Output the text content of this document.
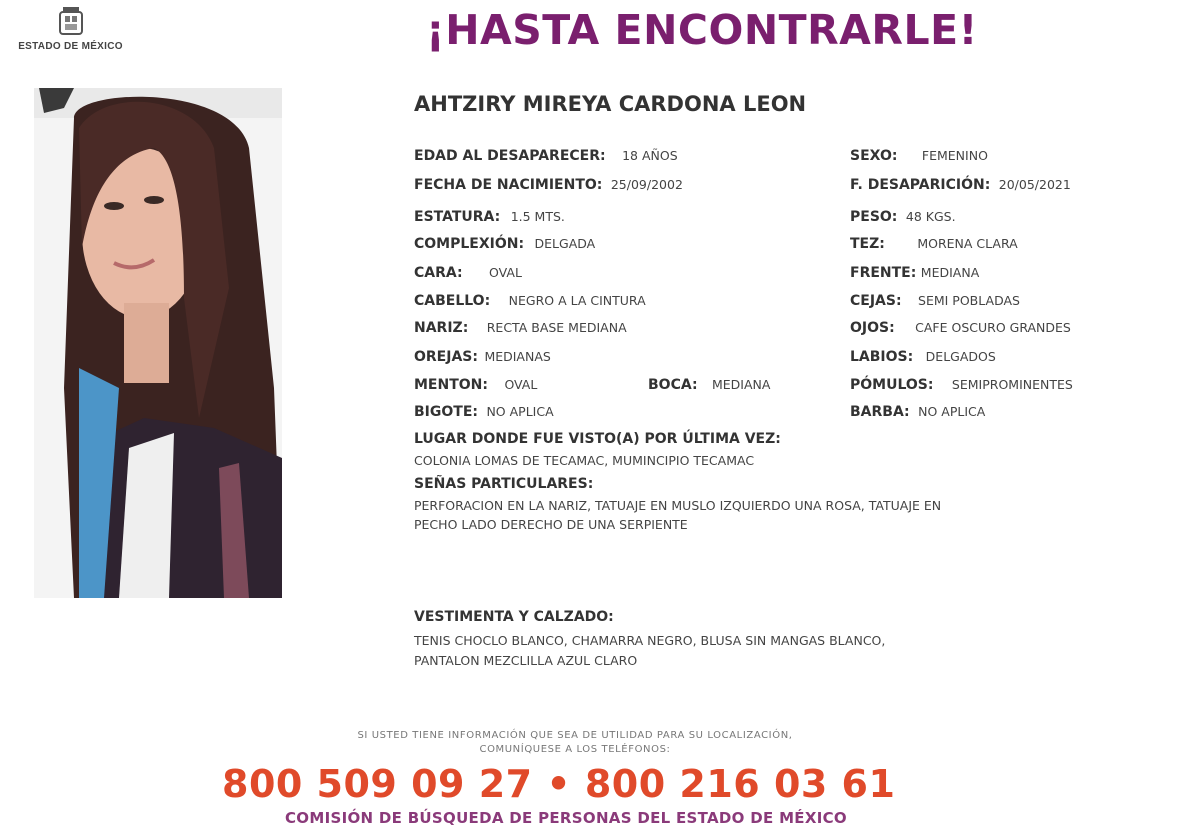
ESTADO DE MÉXICO	¡HASTA ENCONTRARLE!
AHTZIRY MIREYA CARDONA LEON
EDAD AL DESAPARECER: 18 AÑOS
FECHA DE NACIMIENTO: 25/09/2002
ESTATURA: 1.5 MTS.
COMPLEXIÓN: DELGADA
CARA: OVAL
CABELLO: NEGRO A LA CINTURA
NARIZ: RECTA BASE MEDIANA
OREJAS: MEDIANAS
MENTON: OVAL	BOCA: MEDIANA
BIGOTE: NO APLICA
SEXO: FEMENINO
F. DESAPARICIÓN: 20/05/2021
PESO: 48 KGS.
TEZ:	MORENA CLARA
FRENTE: MEDIANA
CEJAS: SEMI POBLADAS
OJOS: CAFE OSCURO GRANDES
LABIOS: DELGADOS
PÓMULOS: SEMIPROMINENTES
BARBA: NO APLICA
LUGAR DONDE FUE VISTO(A) POR ÚLTIMA VEZ:
COLONIA LOMAS DE TECAMAC, MUMINCIPIO TECAMAC
SEÑAS PARTICULARES:
PERFORACION EN LA NARIZ, TATUAJE EN MUSLO IZQUIERDO UNA ROSA, TATUAJE EN
PECHO LADO DERECHO DE UNA SERPIENTE
VESTIMENTA Y CALZADO:
TENIS CHOCLO BLANCO, CHAMARRA NEGRO, BLUSA SIN MANGAS BLANCO,
PANTALON MEZCLILLA AZUL CLARO
SI USTED TIENE INFORMACIÓN QUE SEA DE UTILIDAD PARA SU LOCALIZACIÓN,
COMUNÍQUESE A LOS TELÉFONOS:
800 509 09 27 • 800 216 03 61
COMISIÓN DE BÚSQUEDA DE PERSONAS DEL ESTADO DE MÉXICO
